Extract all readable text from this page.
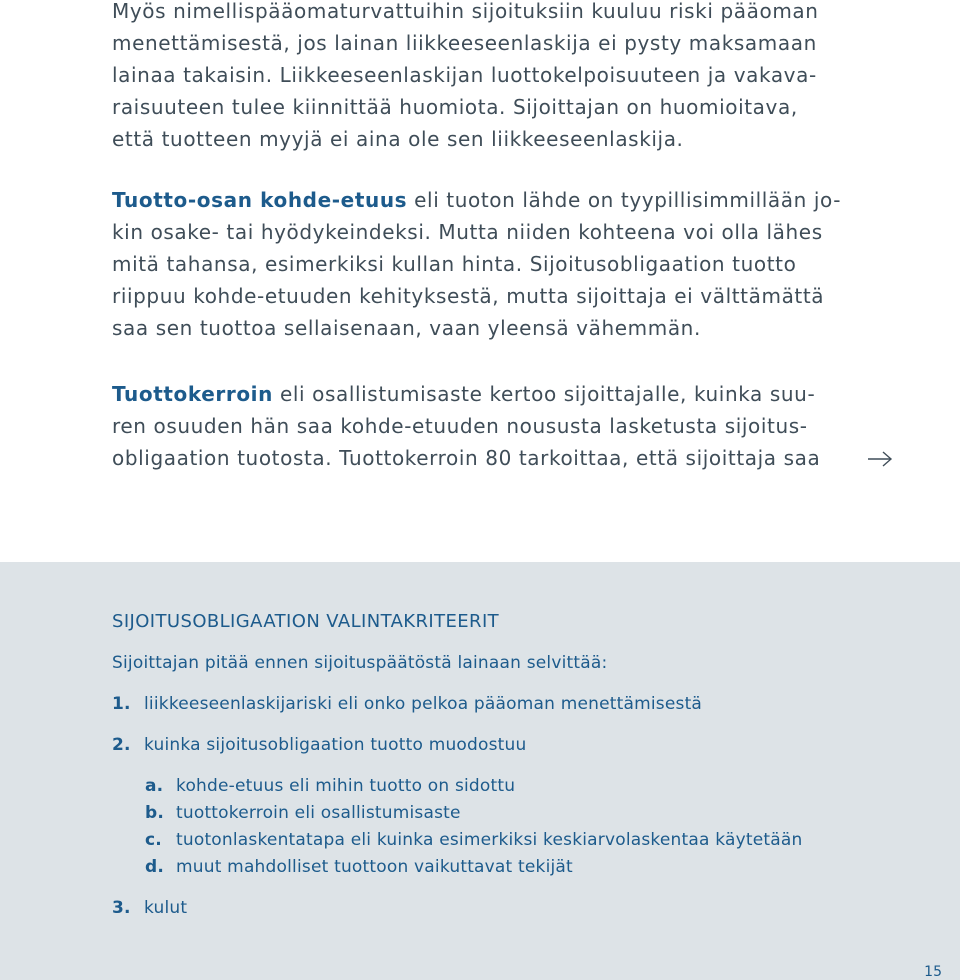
Myös nimellispääomaturvattuihin sijoituksiin kuuluu riski pääoman
menettämisestä, jos lainan liikkeeseenlaskija ei pysty maksamaan
lainaa takaisin. Liikkeeseenlaskijan luottokelpoisuuteen ja vakava-
raisuuteen tulee kiinnittää huomiota. Sijoittajan on huomioitava,
että tuotteen myyjä ei aina ole sen liikkeeseenlaskija.
Tuotto-osan kohde-etuus eli tuoton lähde on tyypillisimmillään jo-
kin osake- tai hyödykeindeksi. Mutta niiden kohteena voi olla lähes
mitä tahansa, esimerkiksi kullan hinta. Sijoitusobligaation tuotto
riippuu kohde-etuuden kehityksestä, mutta sijoittaja ei välttämättä
saa sen tuottoa sellaisenaan, vaan yleensä vähemmän.
Tuottokerroin eli osallistumisaste kertoo sijoittajalle, kuinka suu-
ren osuuden hän saa kohde-etuuden noususta lasketusta sijoitus-
obligaation tuotosta. Tuottokerroin 80 tarkoittaa, että sijoittaja saa
SIJOITUSOBLIGAATION VALINTAKRITEERIT

Sijoittajan pitää ennen sijoituspäätöstä lainaan selvittää:

1. liikkeeseenlaskijariski eli onko pelkoa pääoman menettämisestä
2. kuinka sijoitusobligaation tuotto muodostuu
a. kohde-etuus eli mihin tuotto on sidottu
b. tuottokerroin eli osallistumisaste
c. tuotonlaskentatapa eli kuinka esimerkiksi keskiarvolaskentaa käytetään
d. muut mahdolliset tuottoon vaikuttavat tekijät
3. kulut
15
